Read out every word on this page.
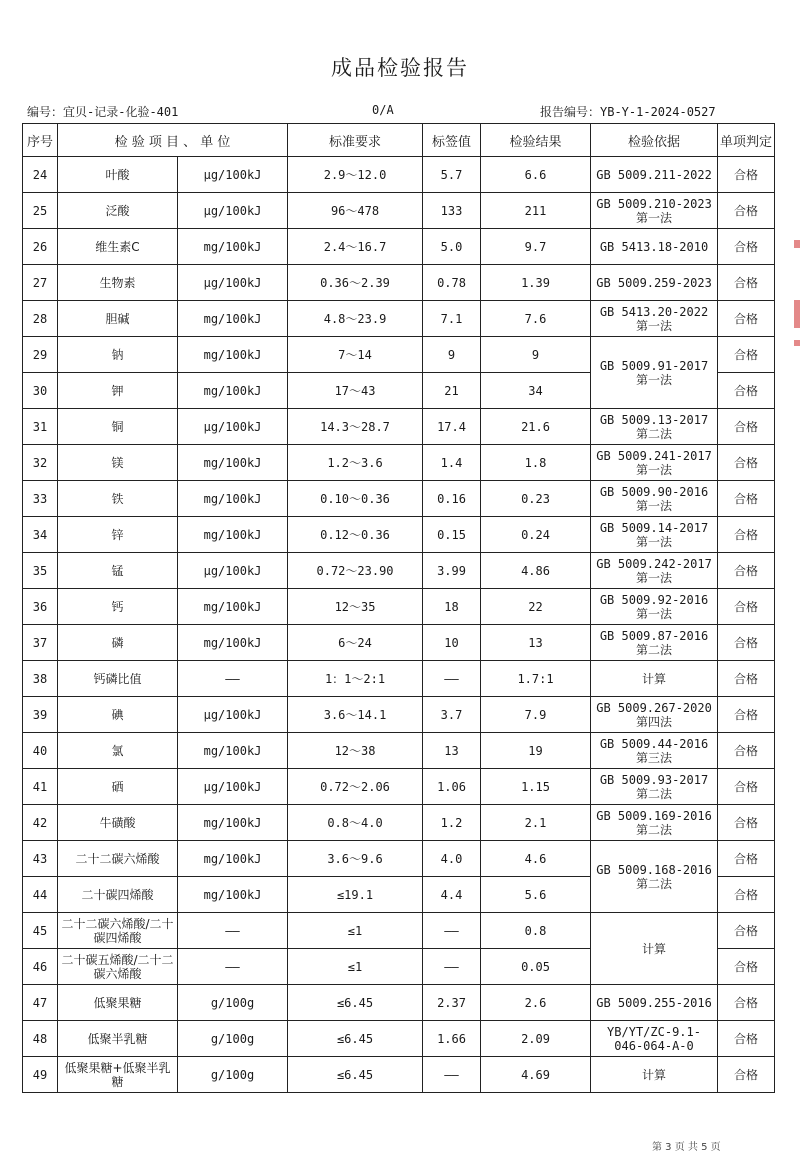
成品检验报告
编号：宜贝-记录-化验-401	0/A	报告编号：YB-Y-1-2024-0527
序号	检 验 项 目 、 单 位		标准要求	标签值	检验结果	检验依据	单项判定
24	叶酸	μg/100kJ	2.9～12.0	5.7	6.6	GB 5009.211-2022	合格
25	泛酸	μg/100kJ	96～478	133	211	GB 5009.210-2023 第一法	合格
26	维生素C	mg/100kJ	2.4～16.7	5.0	9.7	GB 5413.18-2010	合格
27	生物素	μg/100kJ	0.36～2.39	0.78	1.39	GB 5009.259-2023	合格
28	胆碱	mg/100kJ	4.8～23.9	7.1	7.6	GB 5413.20-2022 第一法	合格
29	钠	mg/100kJ	7～14	9	9	GB 5009.91-2017 第一法	合格
30	钾	mg/100kJ	17～43	21	34		合格
31	铜	μg/100kJ	14.3～28.7	17.4	21.6	GB 5009.13-2017 第二法	合格
32	镁	mg/100kJ	1.2～3.6	1.4	1.8	GB 5009.241-2017 第一法	合格
33	铁	mg/100kJ	0.10～0.36	0.16	0.23	GB 5009.90-2016 第一法	合格
34	锌	mg/100kJ	0.12～0.36	0.15	0.24	GB 5009.14-2017 第一法	合格
35	锰	μg/100kJ	0.72～23.90	3.99	4.86	GB 5009.242-2017 第一法	合格
36	钙	mg/100kJ	12～35	18	22	GB 5009.92-2016 第一法	合格
37	磷	mg/100kJ	6～24	10	13	GB 5009.87-2016 第二法	合格
38	钙磷比值	——	1：1～2:1	——	1.7:1	计算	合格
39	碘	μg/100kJ	3.6～14.1	3.7	7.9	GB 5009.267-2020 第四法	合格
40	氯	mg/100kJ	12～38	13	19	GB 5009.44-2016 第三法	合格
41	硒	μg/100kJ	0.72～2.06	1.06	1.15	GB 5009.93-2017 第二法	合格
42	牛磺酸	mg/100kJ	0.8～4.0	1.2	2.1	GB 5009.169-2016 第二法	合格
43	二十二碳六烯酸	mg/100kJ	3.6～9.6	4.0	4.6	GB 5009.168-2016 第二法	合格
44	二十碳四烯酸	mg/100kJ	≤19.1	4.4	5.6		合格
45	二十二碳六烯酸/二十碳四烯酸	——	≤1	——	0.8	计算	合格
46	二十碳五烯酸/二十二碳六烯酸	——	≤1	——	0.05		合格
47	低聚果糖	g/100g	≤6.45	2.37	2.6	GB 5009.255-2016	合格
48	低聚半乳糖	g/100g	≤6.45	1.66	2.09	YB/YT/ZC-9.1-046-064-A-0	合格
49	低聚果糖+低聚半乳糖	g/100g	≤6.45	——	4.69	计算	合格
第 3 页 共 5 页
